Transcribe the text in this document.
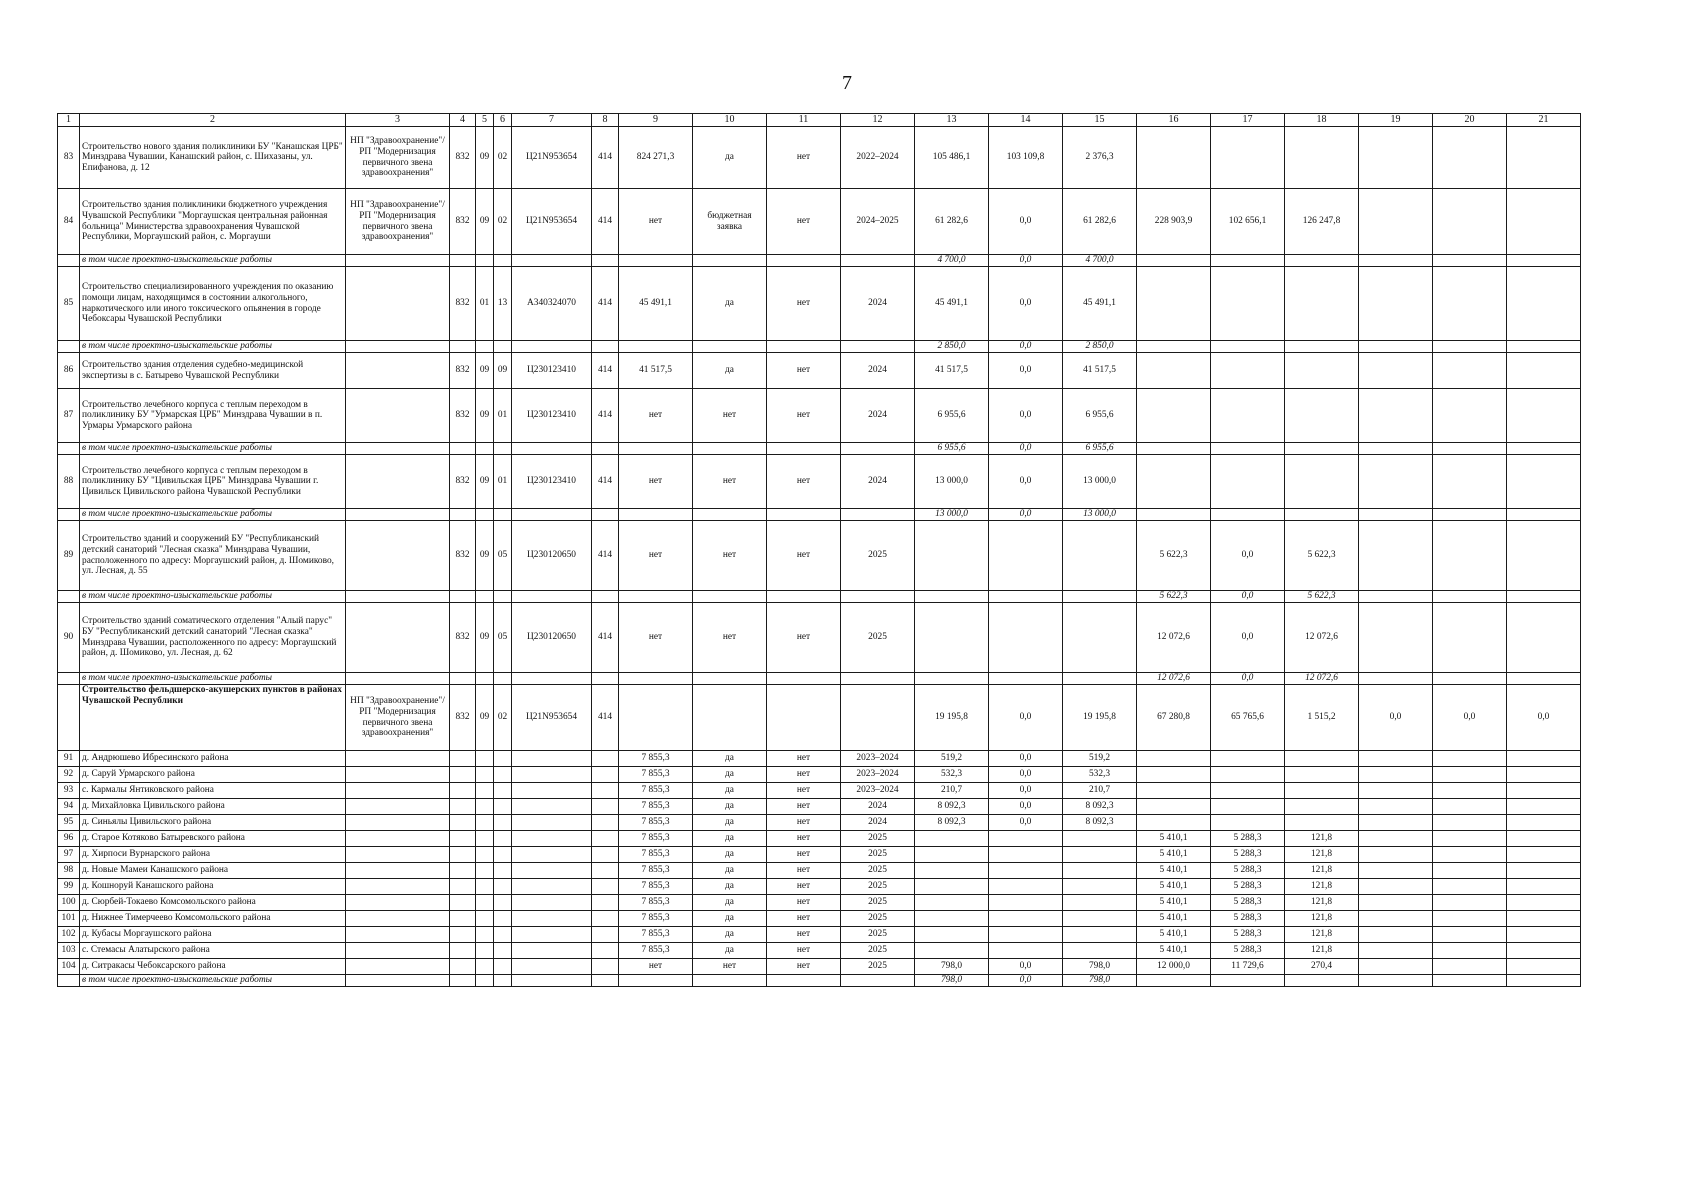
7
1	2	3	4	5	6	7	8	9	10	11	12	13	14	15	16	17	18	19	20	21
83	Строительство нового здания поликлиники БУ "Канашская ЦРБ" Минздрава Чувашии, Канашский район, с. Шихазаны, ул. Епифанова, д. 12	НП "Здравоохранение"/ РП "Модернизация первичного звена здравоохранения"	832	09	02	Ц21N953654	414	824 271,3	да	нет	2022–2024	105 486,1	103 109,8	2 376,3						
84	Строительство здания поликлиники бюджетного учреждения Чувашской Республики "Моргаушская центральная районная больница" Министерства здравоохранения Чувашской Республики, Моргаушский район, с. Моргауши	НП "Здравоохранение"/ РП "Модернизация первичного звена здравоохранения"	832	09	02	Ц21N953654	414	нет	бюджетная заявка	нет	2024–2025	61 282,6	0,0	61 282,6	228 903,9	102 656,1	126 247,8			
	в том числе проектно-изыскательские работы											4 700,0	0,0	4 700,0						
85	Строительство специализированного учреждения по оказанию помощи лицам, находящимся в состоянии алкогольного, наркотического или иного токсического опьянения в городе Чебоксары Чувашской Республики		832	01	13	А340324070	414	45 491,1	да	нет	2024	45 491,1	0,0	45 491,1						
	в том числе проектно-изыскательские работы											2 850,0	0,0	2 850,0						
86	Строительство здания отделения судебно-медицинской экспертизы в с. Батырево Чувашской Республики		832	09	09	Ц230123410	414	41 517,5	да	нет	2024	41 517,5	0,0	41 517,5						
87	Строительство лечебного корпуса с теплым переходом в поликлинику БУ "Урмарская ЦРБ" Минздрава Чувашии в п. Урмары Урмарского района		832	09	01	Ц230123410	414	нет	нет	нет	2024	6 955,6	0,0	6 955,6						
	в том числе проектно-изыскательские работы											6 955,6	0,0	6 955,6						
88	Строительство лечебного корпуса с теплым переходом в поликлинику БУ "Цивильская ЦРБ" Минздрава Чувашии г. Цивильск Цивильского района Чувашской Республики		832	09	01	Ц230123410	414	нет	нет	нет	2024	13 000,0	0,0	13 000,0						
	в том числе проектно-изыскательские работы											13 000,0	0,0	13 000,0						
89	Строительство зданий и сооружений БУ "Республиканский детский санаторий "Лесная сказка" Минздрава Чувашии, расположенного по адресу: Моргаушский район, д. Шомиково, ул. Лесная, д. 55		832	09	05	Ц230120650	414	нет	нет	нет	2025				5 622,3	0,0	5 622,3			
	в том числе проектно-изыскательские работы														5 622,3	0,0	5 622,3			
90	Строительство зданий соматического отделения "Алый парус" БУ "Республиканский детский санаторий "Лесная сказка" Минздрава Чувашии, расположенного по адресу: Моргаушский район, д. Шомиково, ул. Лесная, д. 62		832	09	05	Ц230120650	414	нет	нет	нет	2025				12 072,6	0,0	12 072,6			
	в том числе проектно-изыскательские работы														12 072,6	0,0	12 072,6			
	Строительство фельдшерско-акушерских пунктов в районах Чувашской Республики	НП "Здравоохранение"/ РП "Модернизация первичного звена здравоохранения"	832	09	02	Ц21N953654	414					19 195,8	0,0	19 195,8	67 280,8	65 765,6	1 515,2	0,0	0,0	0,0
91	д. Андрюшево Ибресинского района							7 855,3	да	нет	2023–2024	519,2	0,0	519,2						
92	д. Саруй Урмарского района							7 855,3	да	нет	2023–2024	532,3	0,0	532,3						
93	с. Кармалы Янтиковского района							7 855,3	да	нет	2023–2024	210,7	0,0	210,7						
94	д. Михайловка Цивильского района							7 855,3	да	нет	2024	8 092,3	0,0	8 092,3						
95	д. Синьялы Цивильского района							7 855,3	да	нет	2024	8 092,3	0,0	8 092,3						
96	д. Старое Котяково Батыревского района							7 855,3	да	нет	2025				5 410,1	5 288,3	121,8			
97	д. Хирпоси Вурнарского района							7 855,3	да	нет	2025				5 410,1	5 288,3	121,8			
98	д. Новые Мамеи Канашского района							7 855,3	да	нет	2025				5 410,1	5 288,3	121,8			
99	д. Кошноруй Канашского района							7 855,3	да	нет	2025				5 410,1	5 288,3	121,8			
100	д. Сюрбей-Токаево Комсомольского района							7 855,3	да	нет	2025				5 410,1	5 288,3	121,8			
101	д. Нижнее Тимерчеево Комсомольского района							7 855,3	да	нет	2025				5 410,1	5 288,3	121,8			
102	д. Кубасы Моргаушского района							7 855,3	да	нет	2025				5 410,1	5 288,3	121,8			
103	с. Стемасы Алатырского района							7 855,3	да	нет	2025				5 410,1	5 288,3	121,8			
104	д. Ситракасы Чебоксарского района							нет	нет	нет	2025	798,0	0,0	798,0	12 000,0	11 729,6	270,4			
	в том числе проектно-изыскательские работы											798,0	0,0	798,0						
